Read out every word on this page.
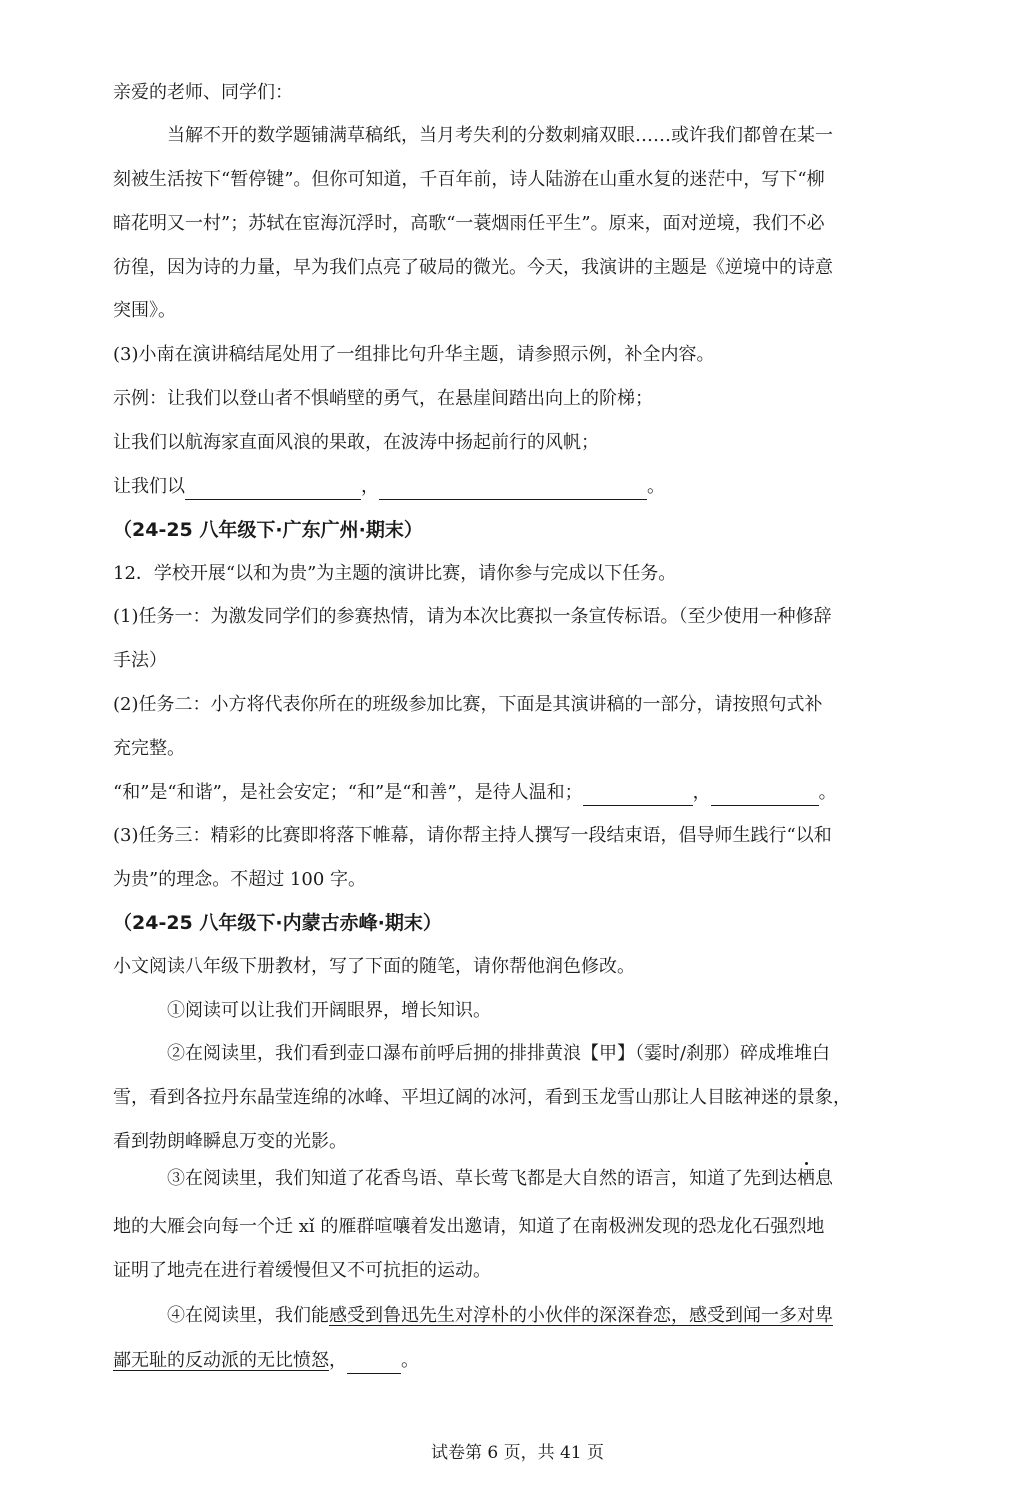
亲爱的老师、同学们：
当解不开的数学题铺满草稿纸，当月考失利的分数刺痛双眼……或许我们都曾在某一
刻被生活按下“暂停键”。但你可知道，千百年前，诗人陆游在山重水复的迷茫中，写下“柳
暗花明又一村”；苏轼在宦海沉浮时，高歌“一蓑烟雨任平生”。原来，面对逆境，我们不必
彷徨，因为诗的力量，早为我们点亮了破局的微光。今天，我演讲的主题是《逆境中的诗意
突围》。
(3)小南在演讲稿结尾处用了一组排比句升华主题，请参照示例，补全内容。
示例：让我们以登山者不惧峭壁的勇气，在悬崖间踏出向上的阶梯；
让我们以航海家直面风浪的果敢，在波涛中扬起前行的风帆；
让我们以	，	。
（24-25 八年级下·广东广州·期末）
12．学校开展“以和为贵”为主题的演讲比赛，请你参与完成以下任务。
(1)任务一：为激发同学们的参赛热情，请为本次比赛拟一条宣传标语。（至少使用一种修辞
手法）
(2)任务二：小方将代表你所在的班级参加比赛，下面是其演讲稿的一部分，请按照句式补
充完整。
“和”是“和谐”，是社会安定；“和”是“和善”，是待人温和；	，	。
(3)任务三：精彩的比赛即将落下帷幕，请你帮主持人撰写一段结束语，倡导师生践行“以和
为贵”的理念。不超过 100 字。
（24-25 八年级下·内蒙古赤峰·期末）
小文阅读八年级下册教材，写了下面的随笔，请你帮他润色修改。
①阅读可以让我们开阔眼界，增长知识。
②在阅读里，我们看到壶口瀑布前呼后拥的排排黄浪【甲】（霎时/刹那）碎成堆堆白
雪，看到各拉丹东晶莹连绵的冰峰、平坦辽阔的冰河，看到玉龙雪山那让人目眩神迷的景象，
看到勃朗峰瞬息万变的光影。
③在阅读里，我们知道了花香鸟语、草长莺飞都是大自然的语言，知道了先到达栖息
地的大雁会向每一个迁 xǐ 的雁群喧嚷着发出邀请，知道了在南极洲发现的恐龙化石强烈地
证明了地壳在进行着缓慢但又不可抗拒的运动。
④在阅读里，我们能感受到鲁迅先生对淳朴的小伙伴的深深眷恋，感受到闻一多对卑
鄙无耻的反动派的无比愤怒，	。
试卷第 6 页，共 41 页
